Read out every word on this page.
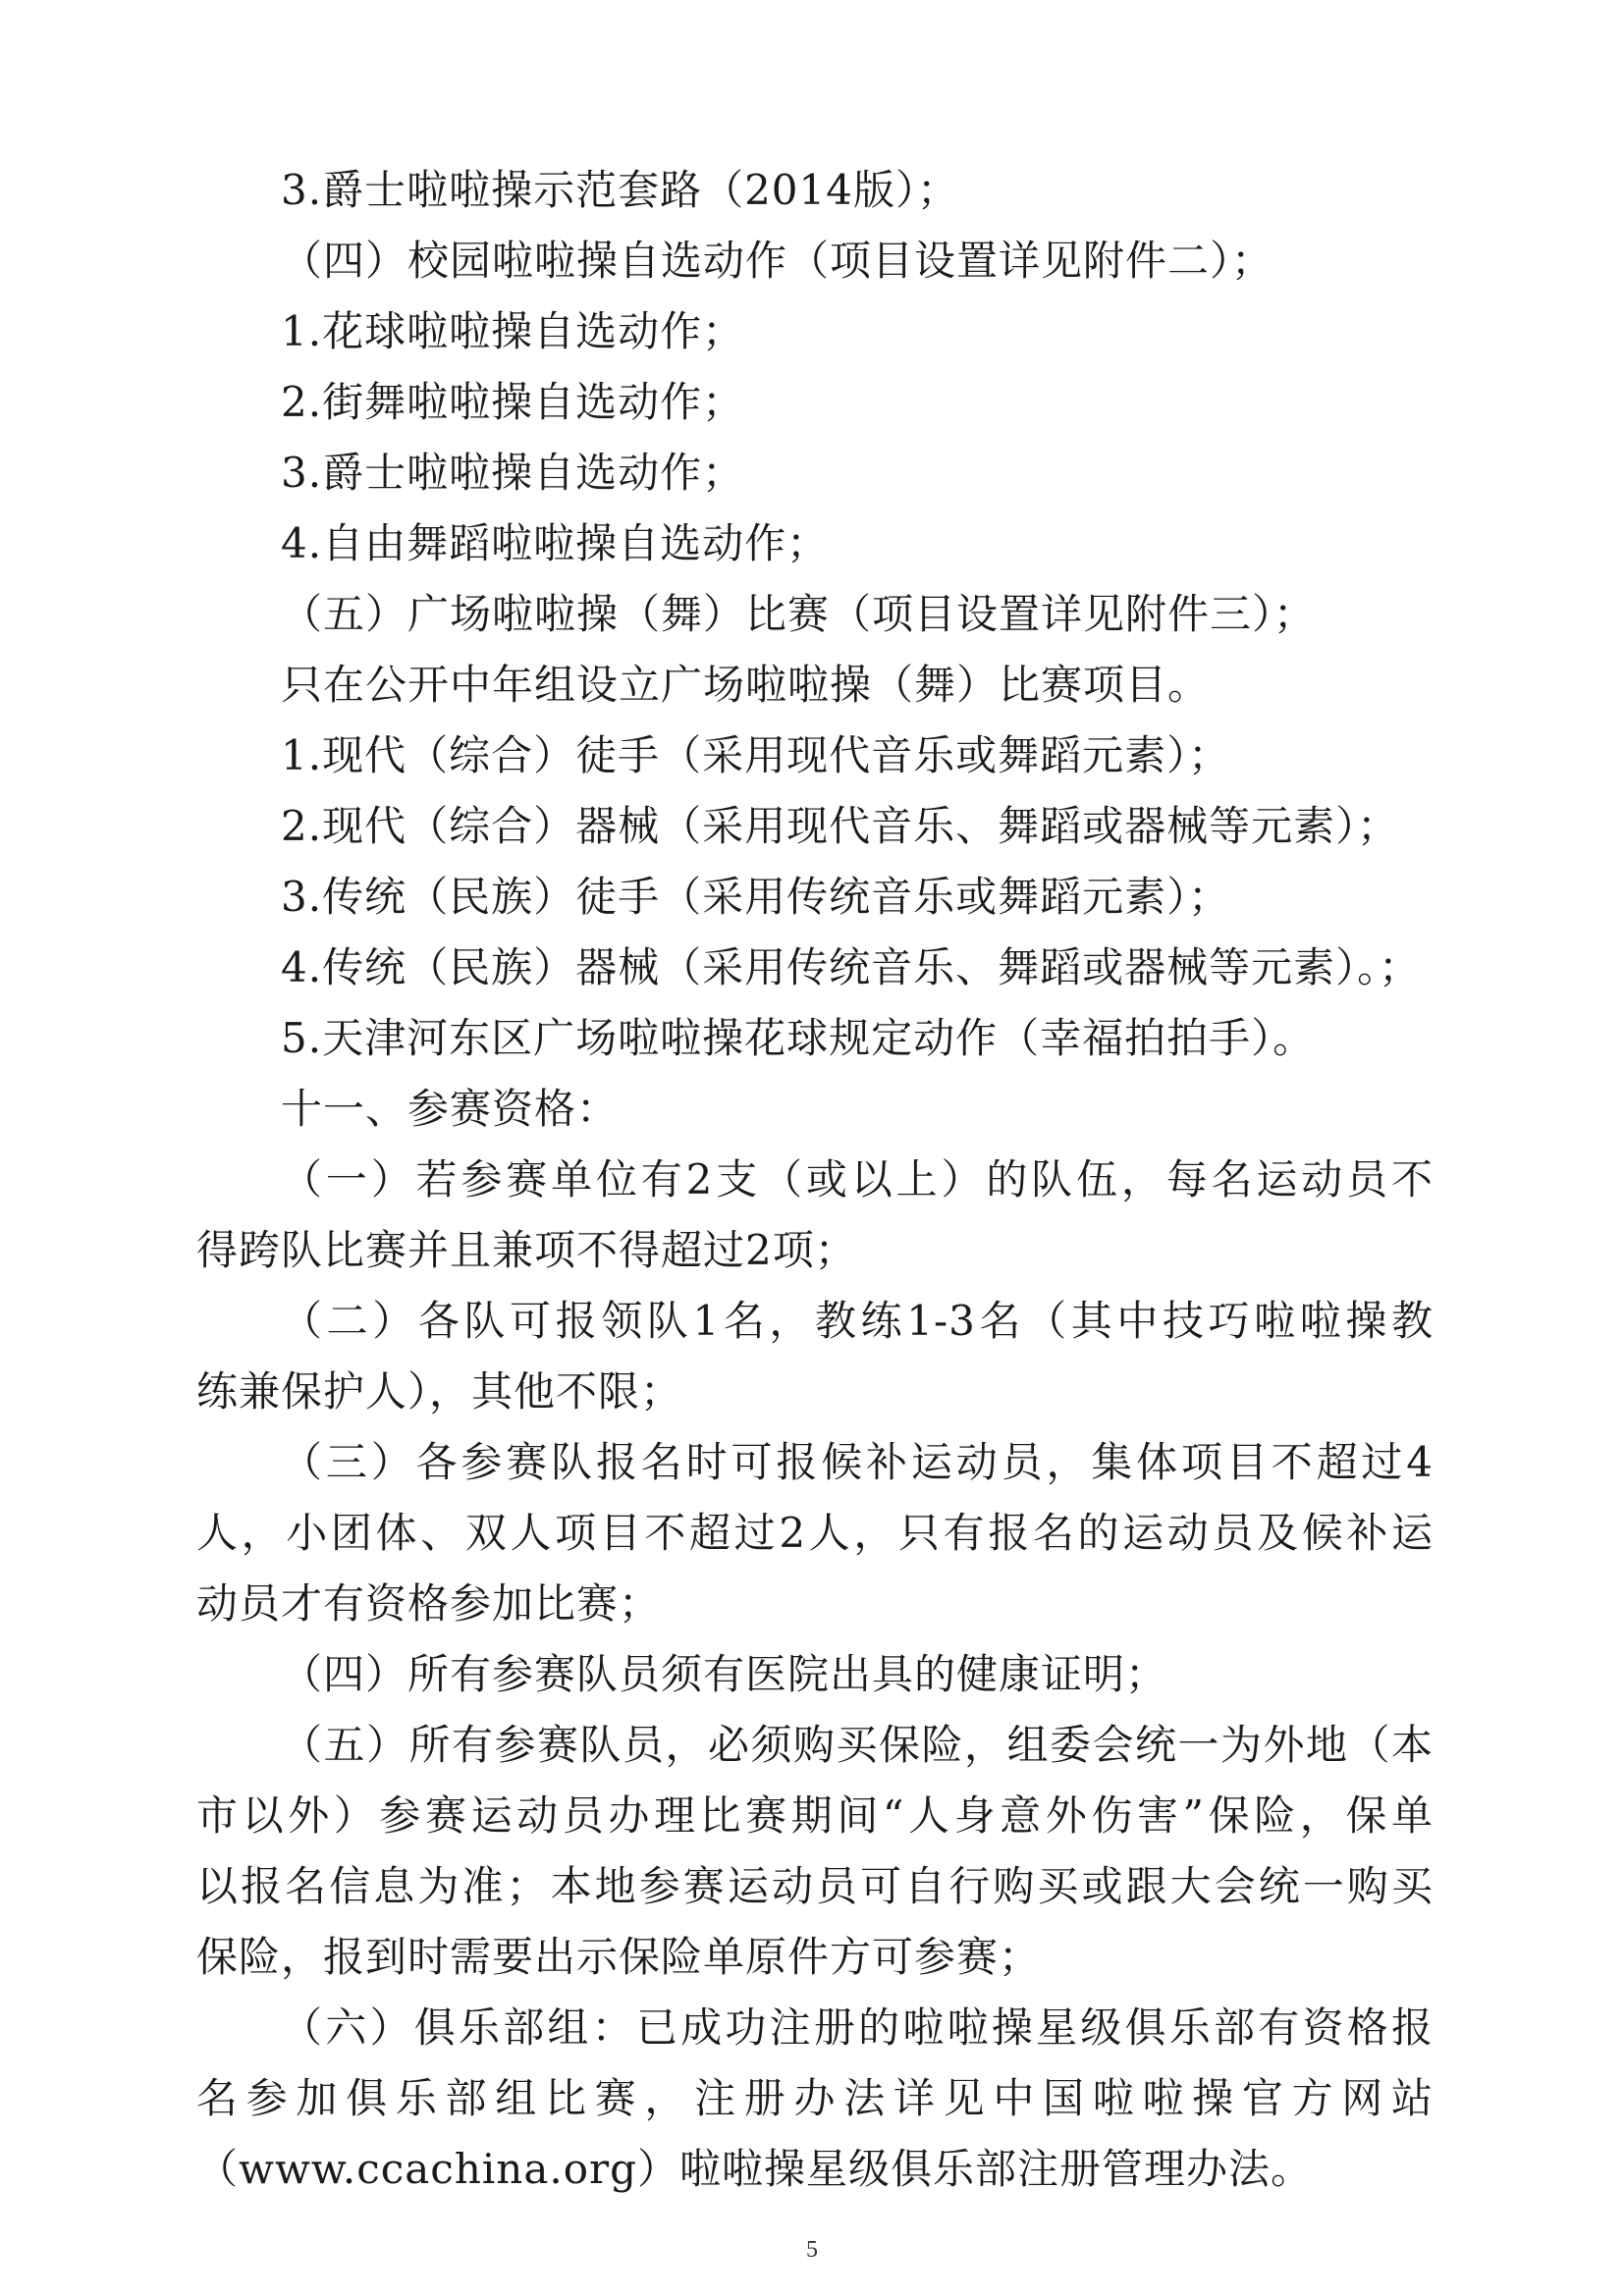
3.爵士啦啦操示范套路（2014版）；
（四）校园啦啦操自选动作（项目设置详见附件二）；
1.花球啦啦操自选动作；
2.街舞啦啦操自选动作；
3.爵士啦啦操自选动作；
4.自由舞蹈啦啦操自选动作；
（五）广场啦啦操（舞）比赛（项目设置详见附件三）；
只在公开中年组设立广场啦啦操（舞）比赛项目。
1.现代（综合）徒手（采用现代音乐或舞蹈元素）；
2.现代（综合）器械（采用现代音乐、舞蹈或器械等元素）；
3.传统（民族）徒手（采用传统音乐或舞蹈元素）；
4.传统（民族）器械（采用传统音乐、舞蹈或器械等元素）。；
5.天津河东区广场啦啦操花球规定动作（幸福拍拍手）。
十一、参赛资格：
（一）若参赛单位有2支（或以上）的队伍，每名运动员不
得跨队比赛并且兼项不得超过2项；
（二）各队可报领队1名，教练1-3名（其中技巧啦啦操教
练兼保护人），其他不限；
（三）各参赛队报名时可报候补运动员，集体项目不超过4
人，小团体、双人项目不超过2人，只有报名的运动员及候补运
动员才有资格参加比赛；
（四）所有参赛队员须有医院出具的健康证明；
（五）所有参赛队员，必须购买保险，组委会统一为外地（本
市以外）参赛运动员办理比赛期间“人身意外伤害”保险，保单
以报名信息为准；本地参赛运动员可自行购买或跟大会统一购买
保险，报到时需要出示保险单原件方可参赛；
（六）俱乐部组：已成功注册的啦啦操星级俱乐部有资格报
名参加俱乐部组比赛，注册办法详见中国啦啦操官方网站
（www.ccachina.org）啦啦操星级俱乐部注册管理办法。
5
